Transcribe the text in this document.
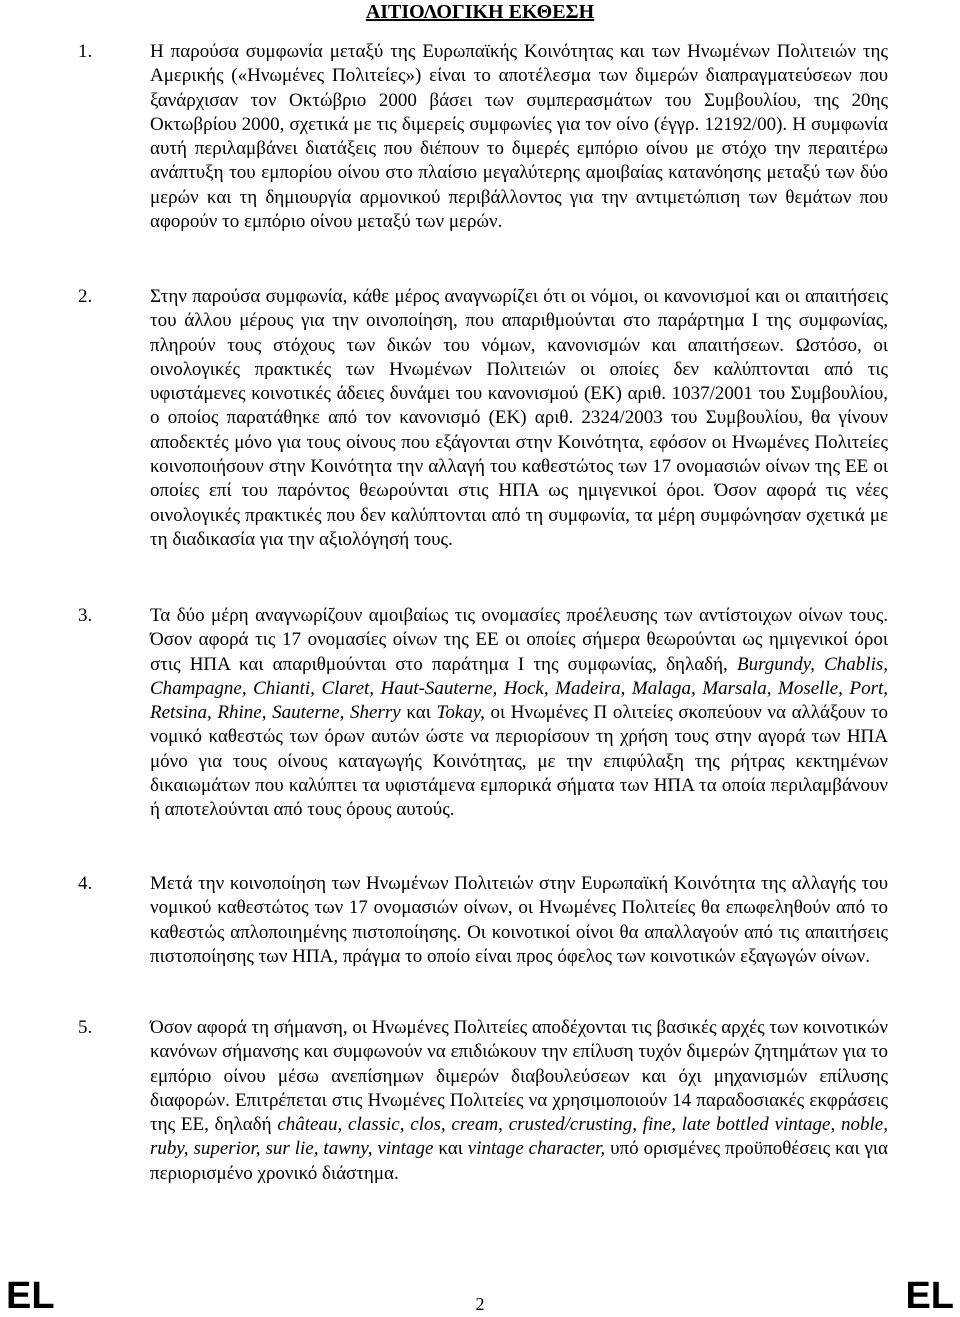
ΑΙΤΙΟΛΟΓΙΚΗ ΕΚΘΕΣΗ
1.	Η παρούσα συμφωνία μεταξύ της Ευρωπαϊκής Κοινότητας και των Ηνωμένων Πολιτειών της Αμερικής («Ηνωμένες Πολιτείες») είναι το αποτέλεσμα των διμερών διαπραγματεύσεων που ξανάρχισαν τον Οκτώβριο 2000 βάσει των συμπερασμάτων του Συμβουλίου, της 20ης Οκτωβρίου 2000, σχετικά με τις διμερείς συμφωνίες για τον οίνο (έγγρ. 12192/00). Η συμφωνία αυτή περιλαμβάνει διατάξεις που διέπουν το διμερές εμπόριο οίνου με στόχο την περαιτέρω ανάπτυξη του εμπορίου οίνου στο πλαίσιο μεγαλύτερης αμοιβαίας κατανόησης μεταξύ των δύο μερών και τη δημιουργία αρμονικού περιβάλλοντος για την αντιμετώπιση των θεμάτων που αφορούν το εμπόριο οίνου μεταξύ των μερών.
2.	Στην παρούσα συμφωνία, κάθε μέρος αναγνωρίζει ότι οι νόμοι, οι κανονισμοί και οι απαιτήσεις του άλλου μέρους για την οινοποίηση, που απαριθμούνται στο παράρτημα Ι της συμφωνίας, πληρούν τους στόχους των δικών του νόμων, κανονισμών και απαιτήσεων. Ωστόσο, οι οινολογικές πρακτικές των Ηνωμένων Πολιτειών οι οποίες δεν καλύπτονται από τις υφιστάμενες κοινοτικές άδειες δυνάμει του κανονισμού (ΕΚ) αριθ. 1037/2001 του Συμβουλίου, ο οποίος παρατάθηκε από τον κανονισμό (ΕΚ) αριθ. 2324/2003 του Συμβουλίου, θα γίνουν αποδεκτές μόνο για τους οίνους που εξάγονται στην Κοινότητα, εφόσον οι Ηνωμένες Πολιτείες κοινοποιήσουν στην Κοινότητα την αλλαγή του καθεστώτος των 17 ονομασιών οίνων της ΕΕ οι οποίες επί του παρόντος θεωρούνται στις ΗΠΑ ως ημιγενικοί όροι. Όσον αφορά τις νέες οινολογικές πρακτικές που δεν καλύπτονται από τη συμφωνία, τα μέρη συμφώνησαν σχετικά με τη διαδικασία για την αξιολόγησή τους.
3.	Τα δύο μέρη αναγνωρίζουν αμοιβαίως τις ονομασίες προέλευσης των αντίστοιχων οίνων τους. Όσον αφορά τις 17 ονομασίες οίνων της ΕΕ οι οποίες σήμερα θεωρούνται ως ημιγενικοί όροι στις ΗΠΑ και απαριθμούνται στο παράτημα Ι της συμφωνίας, δηλαδή, Burgundy, Chablis, Champagne, Chianti, Claret, Haut-Sauterne, Hock, Madeira, Malaga, Marsala, Moselle, Port, Retsina, Rhine, Sauterne, Sherry και Tokay, οι Ηνωμένες Π ολιτείες σκοπεύουν να αλλάξουν το νομικό καθεστώς των όρων αυτών ώστε να περιορίσουν τη χρήση τους στην αγορά των ΗΠΑ μόνο για τους οίνους καταγωγής Κοινότητας, με την επιφύλαξη της ρήτρας κεκτημένων δικαιωμάτων που καλύπτει τα υφιστάμενα εμπορικά σήματα των ΗΠΑ τα οποία περιλαμβάνουν ή αποτελούνται από τους όρους αυτούς.
4.	Μετά την κοινοποίηση των Ηνωμένων Πολιτειών στην Ευρωπαϊκή Κοινότητα της αλλαγής του νομικού καθεστώτος των 17 ονομασιών οίνων, οι Ηνωμένες Πολιτείες θα επωφεληθούν από το καθεστώς απλοποιημένης πιστοποίησης. Οι κοινοτικοί οίνοι θα απαλλαγούν από τις απαιτήσεις πιστοποίησης των ΗΠΑ, πράγμα το οποίο είναι προς όφελος των κοινοτικών εξαγωγών οίνων.
5.	Όσον αφορά τη σήμανση, οι Ηνωμένες Πολιτείες αποδέχονται τις βασικές αρχές των κοινοτικών κανόνων σήμανσης και συμφωνούν να επιδιώκουν την επίλυση τυχόν διμερών ζητημάτων για το εμπόριο οίνου μέσω ανεπίσημων διμερών διαβουλεύσεων και όχι μηχανισμών επίλυσης διαφορών. Επιτρέπεται στις Ηνωμένες Πολιτείες να χρησιμοποιούν 14 παραδοσιακές εκφράσεις της ΕΕ, δηλαδή château, classic, clos, cream, crusted/crusting, fine, late bottled vintage, noble, ruby, superior, sur lie, tawny, vintage και vintage character, υπό ορισμένες προϋποθέσεις και για περιορισμένο χρονικό διάστημα.
EL	2	EL
